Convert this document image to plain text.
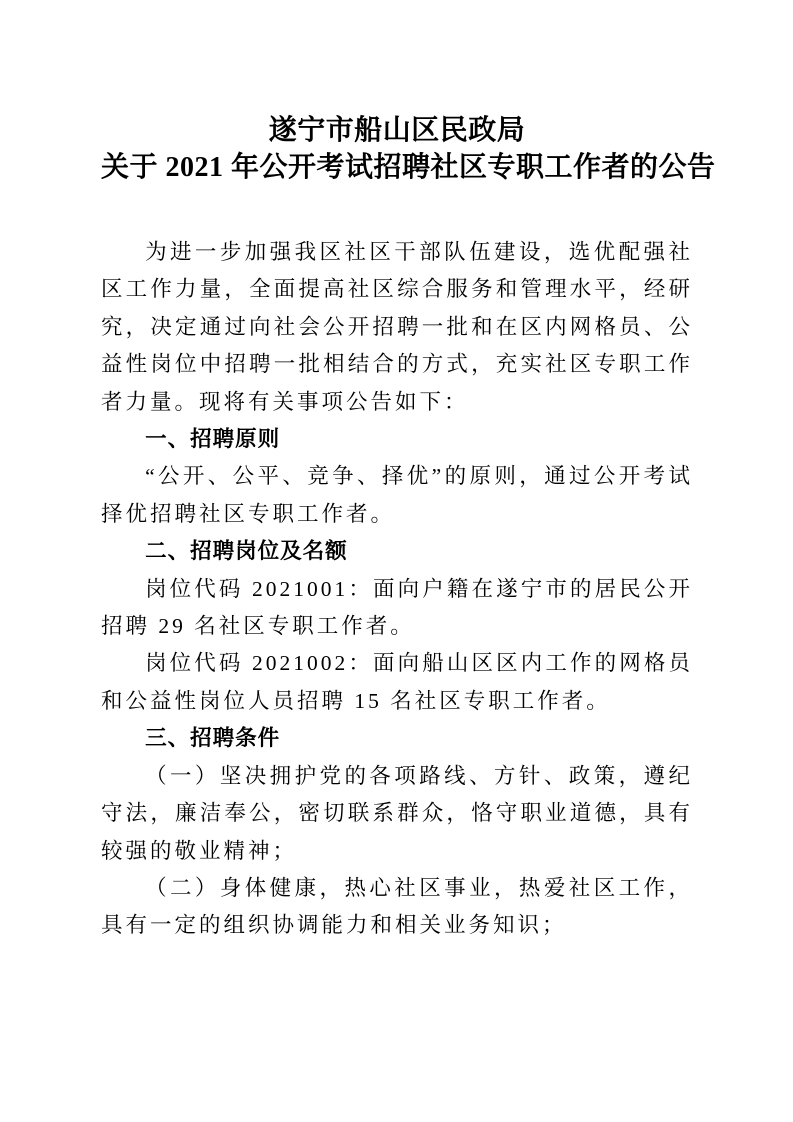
遂宁市船山区民政局
关于 2021 年公开考试招聘社区专职工作者的公告

为进一步加强我区社区干部队伍建设，选优配强社区工作力量，全面提高社区综合服务和管理水平，经研究，决定通过向社会公开招聘一批和在区内网格员、公益性岗位中招聘一批相结合的方式，充实社区专职工作者力量。现将有关事项公告如下：

一、招聘原则

“公开、公平、竞争、择优”的原则，通过公开考试择优招聘社区专职工作者。

二、招聘岗位及名额

岗位代码 2021001：面向户籍在遂宁市的居民公开招聘 29 名社区专职工作者。

岗位代码 2021002：面向船山区区内工作的网格员和公益性岗位人员招聘 15 名社区专职工作者。

三、招聘条件

（一）坚决拥护党的各项路线、方针、政策，遵纪守法，廉洁奉公，密切联系群众，恪守职业道德，具有较强的敬业精神；

（二）身体健康，热心社区事业，热爱社区工作，具有一定的组织协调能力和相关业务知识；
